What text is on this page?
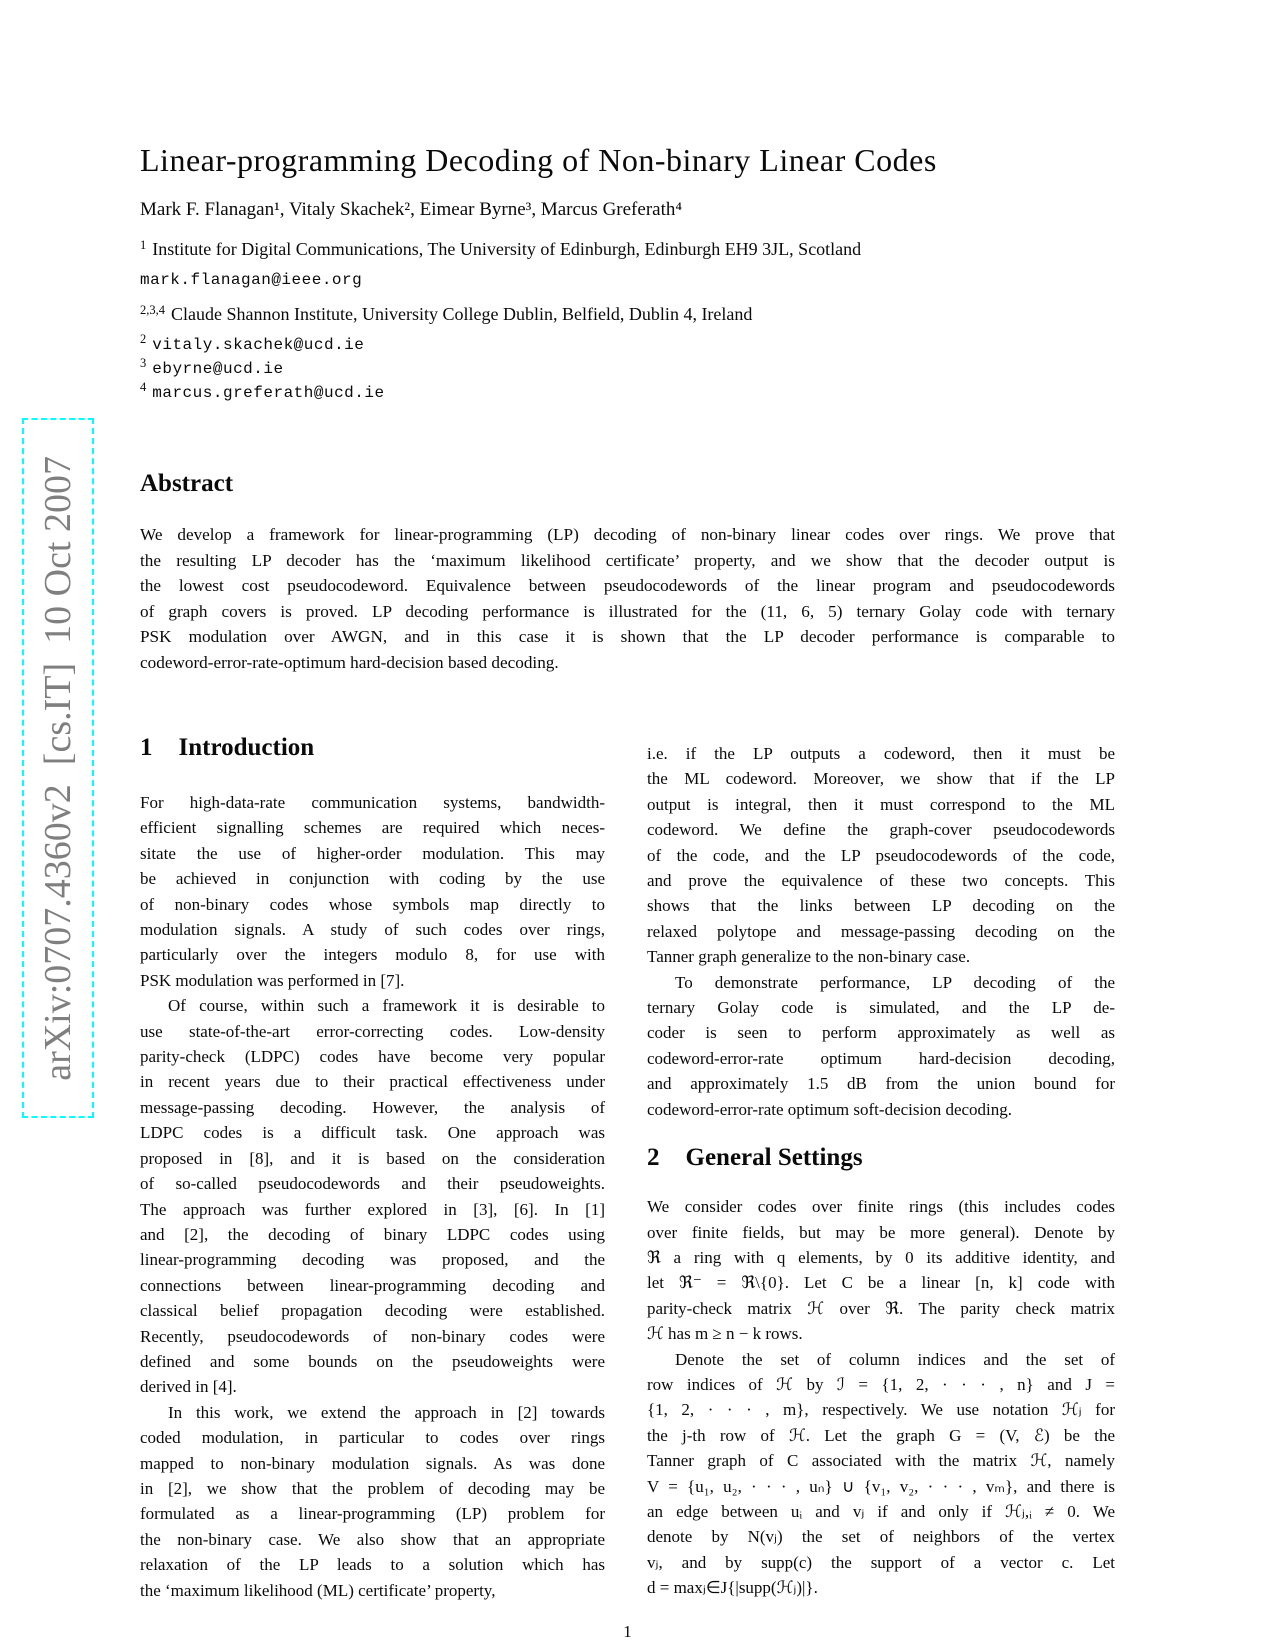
arXiv:0707.4360v2  [cs.IT]  10 Oct 2007
Linear-programming Decoding of Non-binary Linear Codes
Mark F. Flanagan¹, Vitaly Skachek², Eimear Byrne³, Marcus Greferath⁴
$^1$ Institute for Digital Communications, The University of Edinburgh, Edinburgh EH9 3JL, Scotland
mark.flanagan@ieee.org
$^{2,3,4}$ Claude Shannon Institute, University College Dublin, Belfield, Dublin 4, Ireland
$^2$ vitaly.skachek@ucd.ie
$^3$ ebyrne@ucd.ie
$^4$ marcus.greferath@ucd.ie
Abstract
We develop a framework for linear-programming (LP) decoding of non-binary linear codes over rings. We prove that
the resulting LP decoder has the ‘maximum likelihood certificate’ property, and we show that the decoder output is
the lowest cost pseudocodeword. Equivalence between pseudocodewords of the linear program and pseudocodewords
of graph covers is proved. LP decoding performance is illustrated for the (11, 6, 5) ternary Golay code with ternary
PSK modulation over AWGN, and in this case it is shown that the LP decoder performance is comparable to
codeword-error-rate-optimum hard-decision based decoding.
1 Introduction
For high-data-rate communication systems, bandwidth-
efficient signalling schemes are required which neces-
sitate the use of higher-order modulation. This may
be achieved in conjunction with coding by the use
of non-binary codes whose symbols map directly to
modulation signals. A study of such codes over rings,
particularly over the integers modulo 8, for use with
PSK modulation was performed in [7].
Of course, within such a framework it is desirable to
use state-of-the-art error-correcting codes. Low-density
parity-check (LDPC) codes have become very popular
in recent years due to their practical effectiveness under
message-passing decoding. However, the analysis of
LDPC codes is a difficult task. One approach was
proposed in [8], and it is based on the consideration
of so-called pseudocodewords and their pseudoweights.
The approach was further explored in [3], [6]. In [1]
and [2], the decoding of binary LDPC codes using
linear-programming decoding was proposed, and the
connections between linear-programming decoding and
classical belief propagation decoding were established.
Recently, pseudocodewords of non-binary codes were
defined and some bounds on the pseudoweights were
derived in [4].
In this work, we extend the approach in [2] towards
coded modulation, in particular to codes over rings
mapped to non-binary modulation signals. As was done
in [2], we show that the problem of decoding may be
formulated as a linear-programming (LP) problem for
the non-binary case. We also show that an appropriate
relaxation of the LP leads to a solution which has
the ‘maximum likelihood (ML) certificate’ property,
i.e. if the LP outputs a codeword, then it must be
the ML codeword. Moreover, we show that if the LP
output is integral, then it must correspond to the ML
codeword. We define the graph-cover pseudocodewords
of the code, and the LP pseudocodewords of the code,
and prove the equivalence of these two concepts. This
shows that the links between LP decoding on the
relaxed polytope and message-passing decoding on the
Tanner graph generalize to the non-binary case.
To demonstrate performance, LP decoding of the
ternary Golay code is simulated, and the LP de-
coder is seen to perform approximately as well as
codeword-error-rate optimum hard-decision decoding,
and approximately 1.5 dB from the union bound for
codeword-error-rate optimum soft-decision decoding.
2 General Settings
We consider codes over finite rings (this includes codes
over finite fields, but may be more general). Denote by
ℜ a ring with q elements, by 0 its additive identity, and
let ℜ⁻ = ℜ\{0}. Let C be a linear [n, k] code with
parity-check matrix ℋ over ℜ. The parity check matrix
ℋ has m ≥ n − k rows.
Denote the set of column indices and the set of
row indices of ℋ by ℐ = {1, 2, · · · , n} and J =
{1, 2, · · · , m}, respectively. We use notation ℋⱼ for
the j-th row of ℋ. Let the graph G = (V, ℰ) be the
Tanner graph of C associated with the matrix ℋ, namely
V = {u₁, u₂, · · · , uₙ} ∪ {v₁, v₂, · · · , vₘ}, and there is
an edge between uᵢ and vⱼ if and only if ℋⱼ,ᵢ ≠ 0. We
denote by N(vⱼ) the set of neighbors of the vertex
vⱼ, and by supp(c) the support of a vector c. Let
d = maxⱼ∈J{|supp(ℋⱼ)|}.
1
